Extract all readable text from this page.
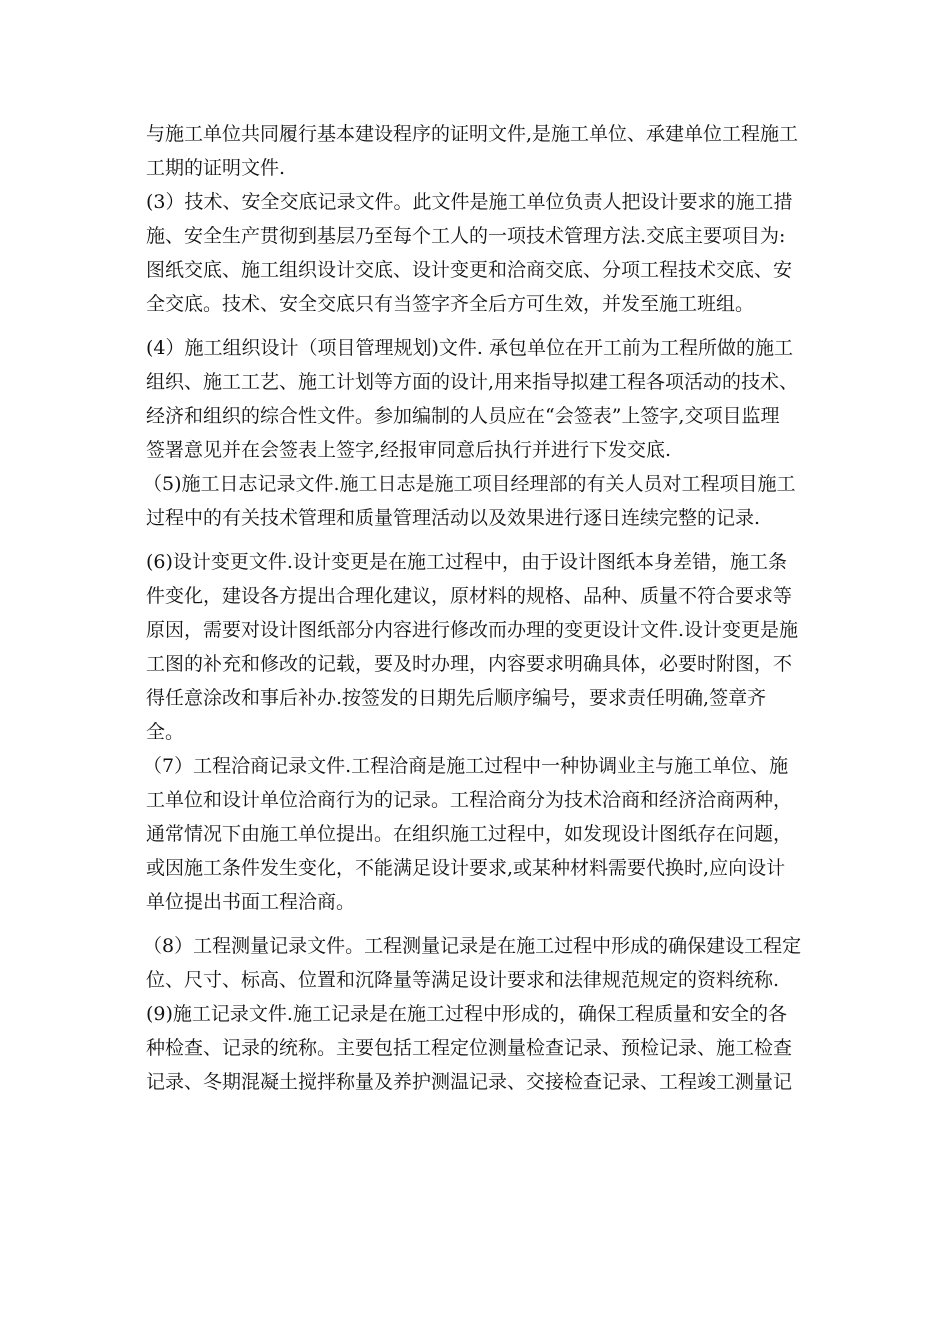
与施工单位共同履行基本建设程序的证明文件,是施工单位、承建单位工程施工
工期的证明文件.
(3）技术、安全交底记录文件。此文件是施工单位负责人把设计要求的施工措
施、安全生产贯彻到基层乃至每个工人的一项技术管理方法.交底主要项目为:
图纸交底、施工组织设计交底、设计变更和洽商交底、分项工程技术交底、安
全交底。技术、安全交底只有当签字齐全后方可生效，并发至施工班组。
(4）施工组织设计（项目管理规划)文件. 承包单位在开工前为工程所做的施工
组织、施工工艺、施工计划等方面的设计,用来指导拟建工程各项活动的技术、
经济和组织的综合性文件。参加编制的人员应在“会签表”上签字,交项目监理
签署意见并在会签表上签字,经报审同意后执行并进行下发交底.
（5)施工日志记录文件.施工日志是施工项目经理部的有关人员对工程项目施工
过程中的有关技术管理和质量管理活动以及效果进行逐日连续完整的记录.
(6)设计变更文件.设计变更是在施工过程中，由于设计图纸本身差错，施工条
件变化，建设各方提出合理化建议，原材料的规格、品种、质量不符合要求等
原因，需要对设计图纸部分内容进行修改而办理的变更设计文件.设计变更是施
工图的补充和修改的记载，要及时办理，内容要求明确具体，必要时附图，不
得任意涂改和事后补办.按签发的日期先后顺序编号，要求责任明确,签章齐
全。
（7）工程洽商记录文件.工程洽商是施工过程中一种协调业主与施工单位、施
工单位和设计单位洽商行为的记录。工程洽商分为技术洽商和经济洽商两种，
通常情况下由施工单位提出。在组织施工过程中，如发现设计图纸存在问题，
或因施工条件发生变化，不能满足设计要求,或某种材料需要代换时,应向设计
单位提出书面工程洽商。
（8）工程测量记录文件。工程测量记录是在施工过程中形成的确保建设工程定
位、尺寸、标高、位置和沉降量等满足设计要求和法律规范规定的资料统称.
(9)施工记录文件.施工记录是在施工过程中形成的，确保工程质量和安全的各
种检查、记录的统称。主要包括工程定位测量检查记录、预检记录、施工检查
记录、冬期混凝土搅拌称量及养护测温记录、交接检查记录、工程竣工测量记
